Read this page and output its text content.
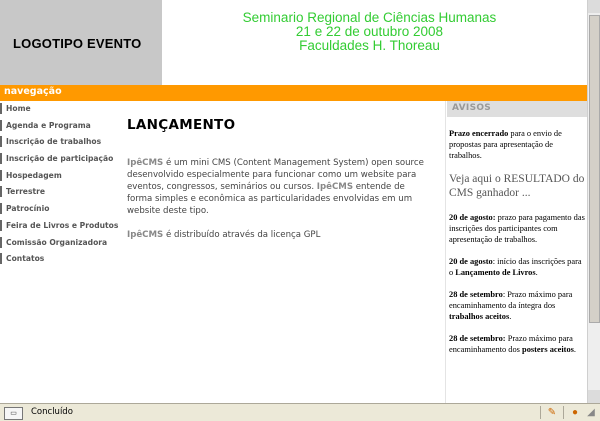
LOGOTIPO EVENTO
Seminario Regional de Ciências Humanas
21 e 22 de outubro 2008
Faculdades H. Thoreau
navegação
Home
Agenda e Programa
Inscrição de trabalhos
Inscrição de participação
Hospedagem
Terrestre
Patrocínio
Feira de Livros e Produtos
Comissão Organizadora
Contatos
LANÇAMENTO

IpêCMS é um mini CMS (Content Management System) open source desenvolvido especialmente para funcionar como um website para eventos, congressos, seminários ou cursos. IpêCMS entende de forma simples e econômica as particularidades envolvidas em um website deste tipo.

IpêCMS é distribuído através da licença GPL

AVISOS

Prazo encerrado para o envio de propostas para apresentação de trabalhos.

Veja aqui o RESULTADO do CMS ganhador ...

20 de agosto: prazo para pagamento das inscrições dos participantes com apresentação de trabalhos.

20 de agosto: início das inscrições para o Lançamento de Livros.

28 de setembro: Prazo máximo para encaminhamento da íntegra dos trabalhos aceitos.

28 de setembro: Prazo máximo para encaminhamento dos posters aceitos.

▭	Concluído	✎ ● ◢
